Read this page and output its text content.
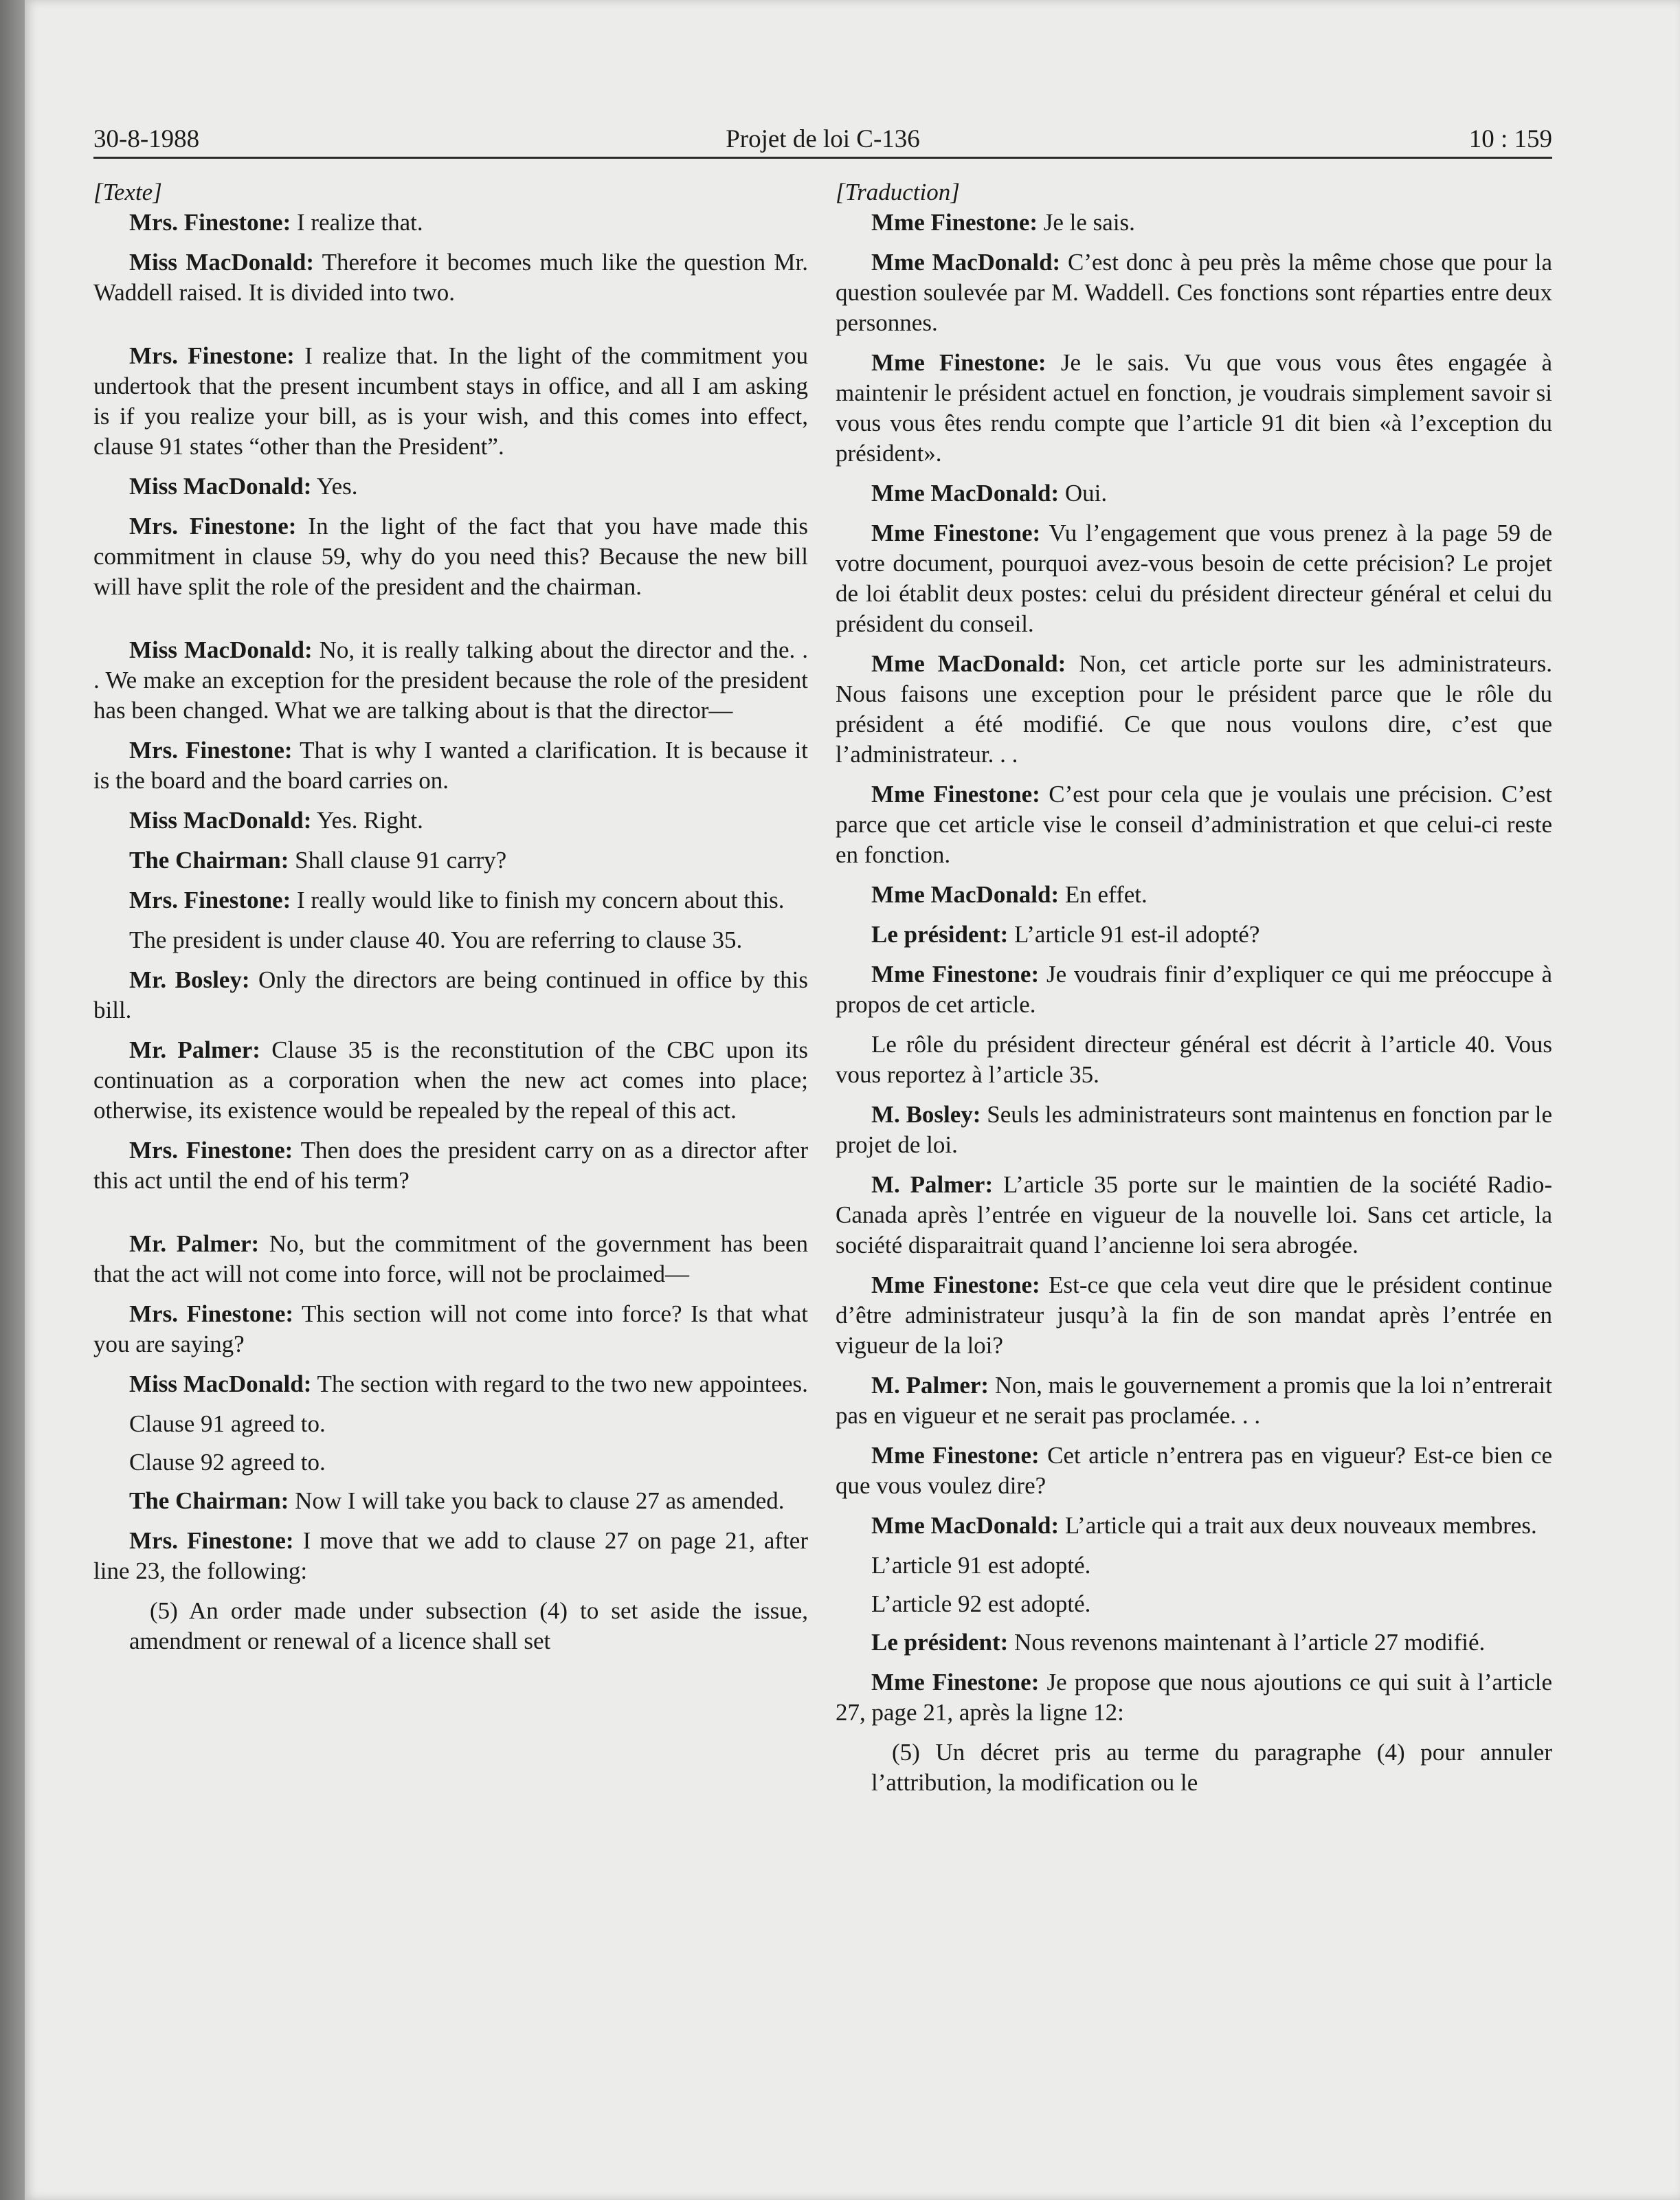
30-8-1988	Projet de loi C-136	10 : 159

[Texte]

Mrs. Finestone: I realize that.

Miss MacDonald: Therefore it becomes much like the question Mr. Waddell raised. It is divided into two.

Mrs. Finestone: I realize that. In the light of the commitment you undertook that the present incumbent stays in office, and all I am asking is if you realize your bill, as is your wish, and this comes into effect, clause 91 states “other than the President”.

Miss MacDonald: Yes.

Mrs. Finestone: In the light of the fact that you have made this commitment in clause 59, why do you need this? Because the new bill will have split the role of the president and the chairman.

Miss MacDonald: No, it is really talking about the director and the. . . We make an exception for the president because the role of the president has been changed. What we are talking about is that the director—

Mrs. Finestone: That is why I wanted a clarification. It is because it is the board and the board carries on.

Miss MacDonald: Yes. Right.

The Chairman: Shall clause 91 carry?

Mrs. Finestone: I really would like to finish my concern about this.

The president is under clause 40. You are referring to clause 35.

Mr. Bosley: Only the directors are being continued in office by this bill.

Mr. Palmer: Clause 35 is the reconstitution of the CBC upon its continuation as a corporation when the new act comes into place; otherwise, its existence would be repealed by the repeal of this act.

Mrs. Finestone: Then does the president carry on as a director after this act until the end of his term?

Mr. Palmer: No, but the commitment of the government has been that the act will not come into force, will not be proclaimed—

Mrs. Finestone: This section will not come into force? Is that what you are saying?

Miss MacDonald: The section with regard to the two new appointees.

Clause 91 agreed to.

Clause 92 agreed to.

The Chairman: Now I will take you back to clause 27 as amended.

Mrs. Finestone: I move that we add to clause 27 on page 21, after line 23, the following:

(5) An order made under subsection (4) to set aside the issue, amendment or renewal of a licence shall set

[Traduction]

Mme Finestone: Je le sais.

Mme MacDonald: C’est donc à peu près la même chose que pour la question soulevée par M. Waddell. Ces fonctions sont réparties entre deux personnes.

Mme Finestone: Je le sais. Vu que vous vous êtes engagée à maintenir le président actuel en fonction, je voudrais simplement savoir si vous vous êtes rendu compte que l’article 91 dit bien «à l’exception du président».

Mme MacDonald: Oui.

Mme Finestone: Vu l’engagement que vous prenez à la page 59 de votre document, pourquoi avez-vous besoin de cette précision? Le projet de loi établit deux postes: celui du président directeur général et celui du président du conseil.

Mme MacDonald: Non, cet article porte sur les administrateurs. Nous faisons une exception pour le président parce que le rôle du président a été modifié. Ce que nous voulons dire, c’est que l’administrateur. . .

Mme Finestone: C’est pour cela que je voulais une précision. C’est parce que cet article vise le conseil d’administration et que celui-ci reste en fonction.

Mme MacDonald: En effet.

Le président: L’article 91 est-il adopté?

Mme Finestone: Je voudrais finir d’expliquer ce qui me préoccupe à propos de cet article.

Le rôle du président directeur général est décrit à l’article 40. Vous vous reportez à l’article 35.

M. Bosley: Seuls les administrateurs sont maintenus en fonction par le projet de loi.

M. Palmer: L’article 35 porte sur le maintien de la société Radio-Canada après l’entrée en vigueur de la nouvelle loi. Sans cet article, la société disparaitrait quand l’ancienne loi sera abrogée.

Mme Finestone: Est-ce que cela veut dire que le président continue d’être administrateur jusqu’à la fin de son mandat après l’entrée en vigueur de la loi?

M. Palmer: Non, mais le gouvernement a promis que la loi n’entrerait pas en vigueur et ne serait pas proclamée. . .

Mme Finestone: Cet article n’entrera pas en vigueur? Est-ce bien ce que vous voulez dire?

Mme MacDonald: L’article qui a trait aux deux nouveaux membres.

L’article 91 est adopté.

L’article 92 est adopté.

Le président: Nous revenons maintenant à l’article 27 modifié.

Mme Finestone: Je propose que nous ajoutions ce qui suit à l’article 27, page 21, après la ligne 12:

(5) Un décret pris au terme du paragraphe (4) pour annuler l’attribution, la modification ou le
